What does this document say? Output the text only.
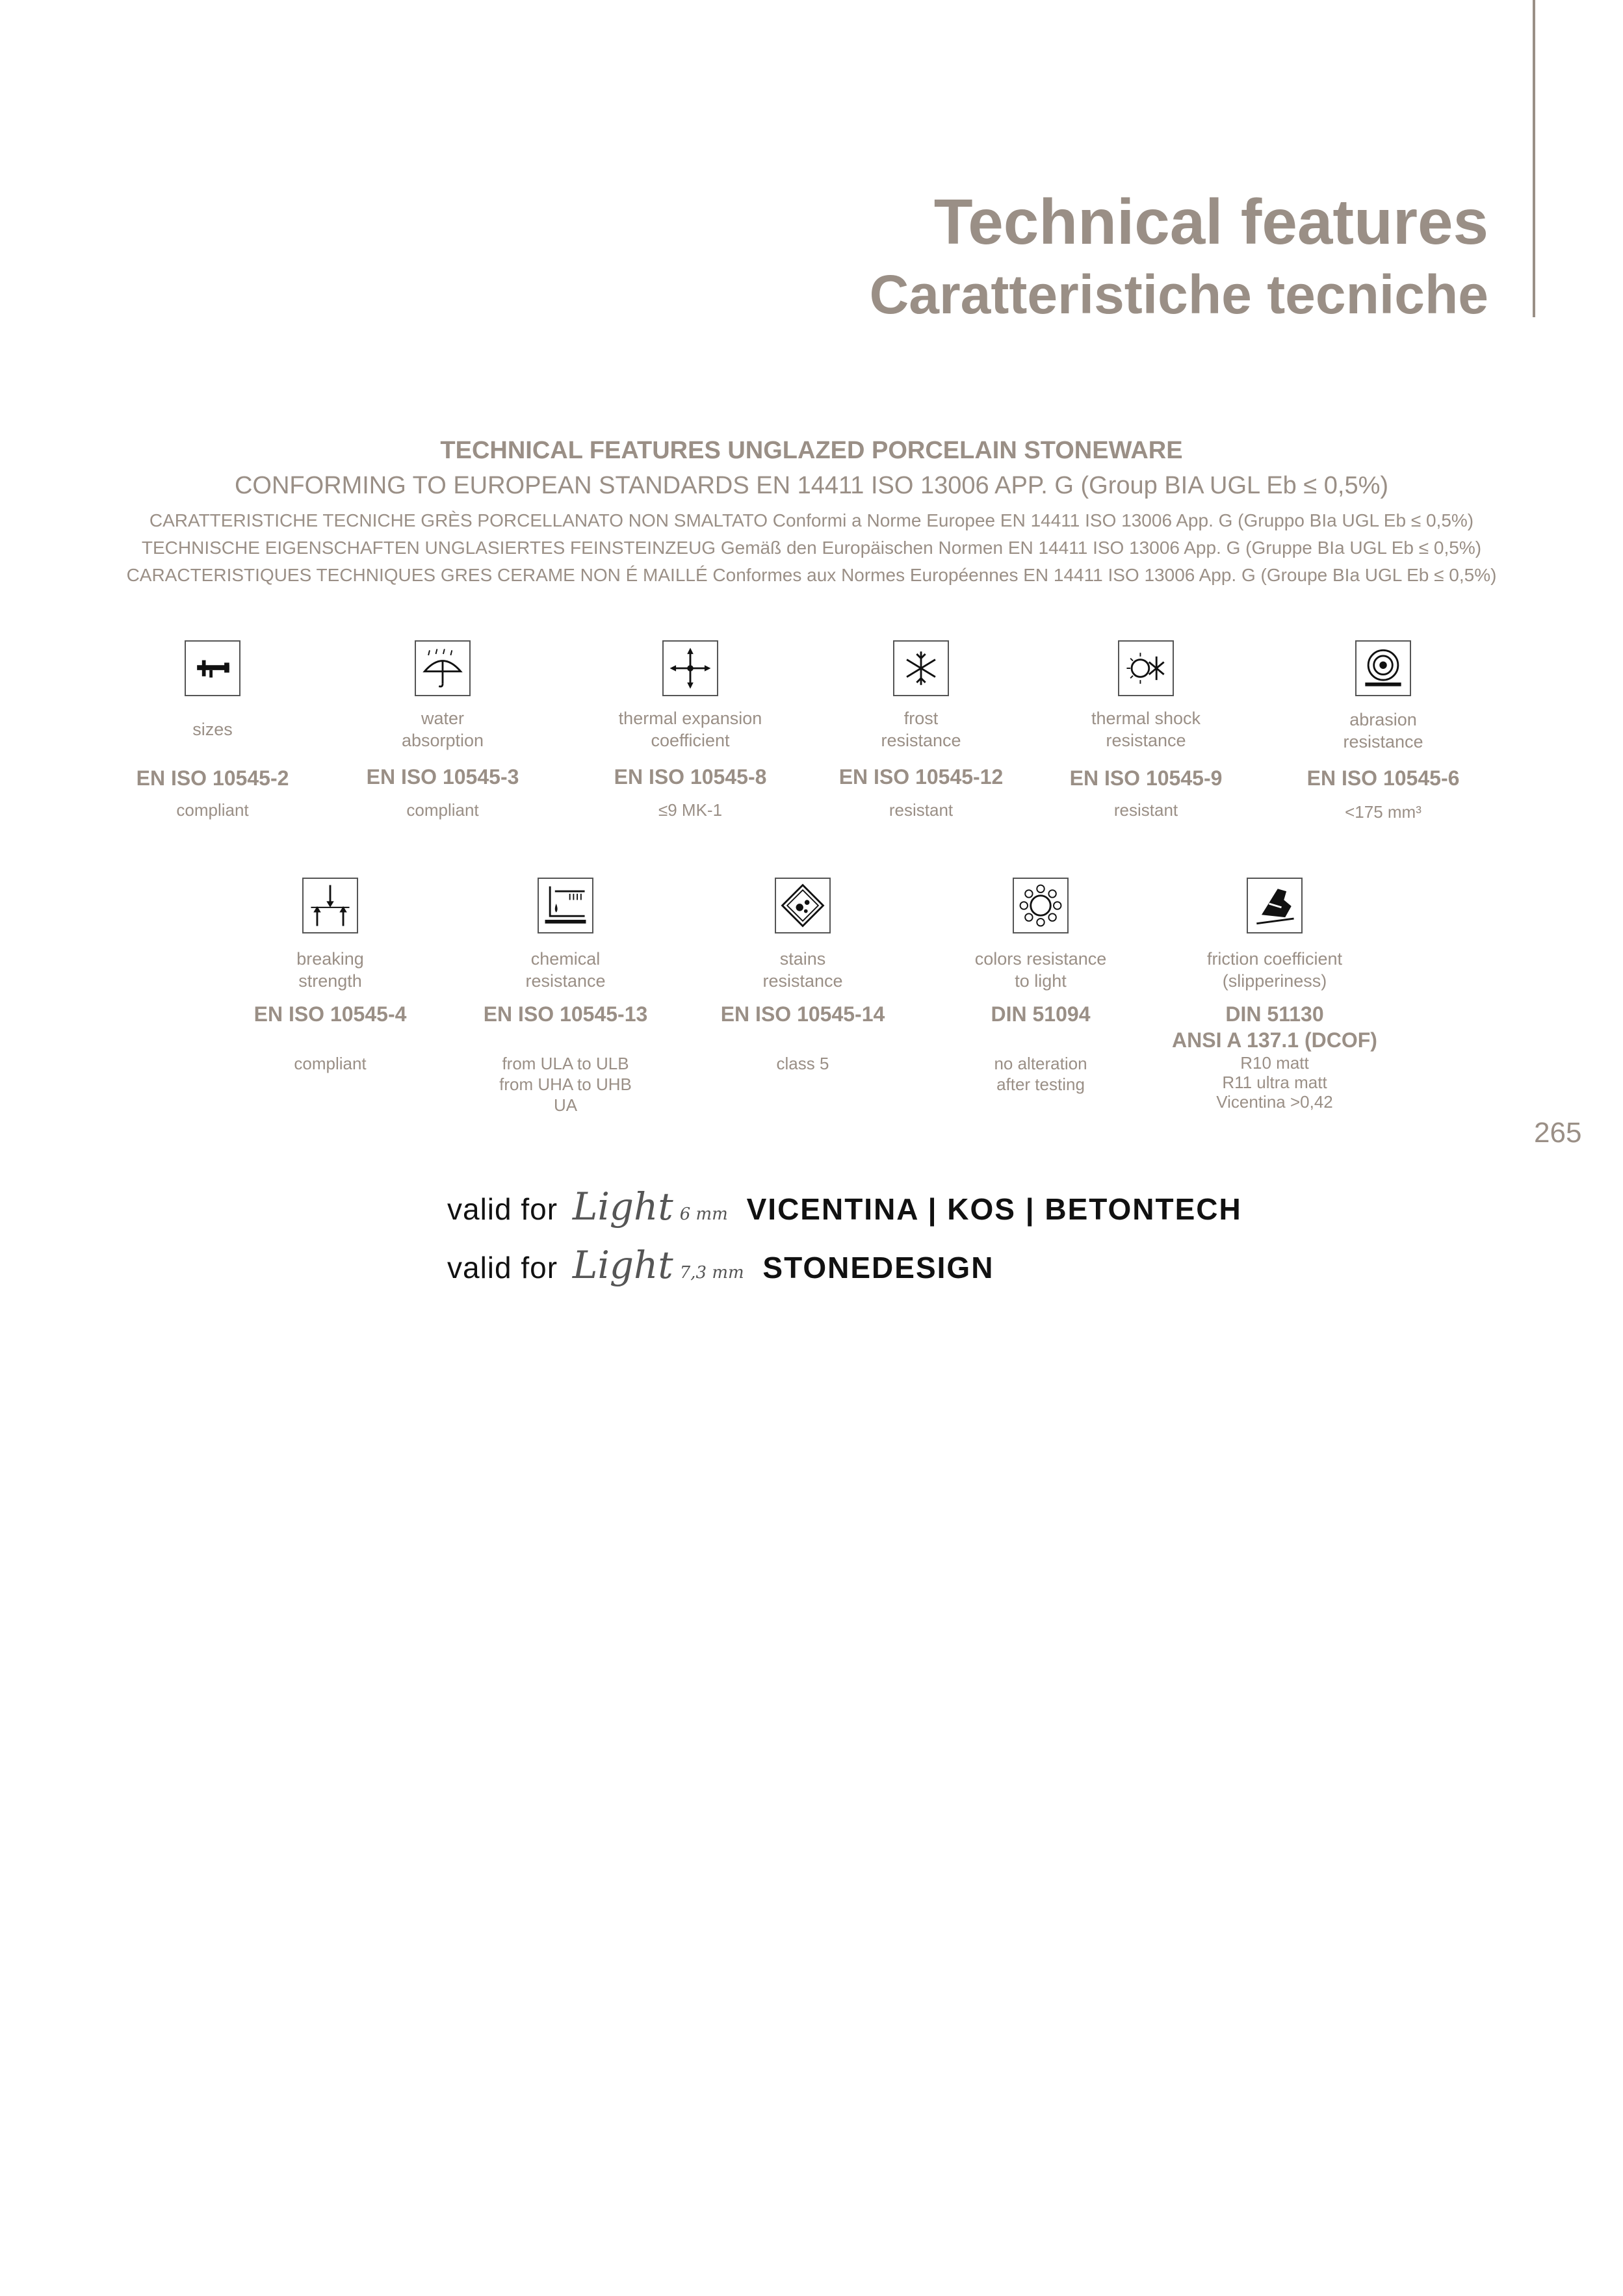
Technical features
Caratteristiche tecniche

TECHNICAL FEATURES UNGLAZED PORCELAIN STONEWARE

CONFORMING TO EUROPEAN STANDARDS EN 14411 ISO 13006 APP. G (Group BIA UGL Eb ≤ 0,5%)

CARATTERISTICHE TECNICHE GRÈS PORCELLANATO NON SMALTATO Conformi a Norme Europee EN 14411 ISO 13006 App. G (Gruppo BIa UGL Eb ≤ 0,5%)

TECHNISCHE EIGENSCHAFTEN UNGLASIERTES FEINSTEINZEUG Gemäß den Europäischen Normen EN 14411 ISO 13006 App. G (Gruppe BIa UGL Eb ≤ 0,5%)

CARACTERISTIQUES TECHNIQUES GRES CERAME NON É MAILLÉ Conformes aux Normes Européennes EN 14411 ISO 13006 App. G (Groupe BIa UGL Eb ≤ 0,5%)

sizes
EN ISO 10545-2
compliant
water
absorption
EN ISO 10545-3
compliant
thermal expansion
coefficient
EN ISO 10545-8
≤9 MK-1
frost
resistance
EN ISO 10545-12
resistant
thermal shock
resistance
EN ISO 10545-9
resistant
abrasion
resistance
EN ISO 10545-6
<175 mm³
breaking
strength
EN ISO 10545-4
compliant
chemical
resistance
EN ISO 10545-13
from ULA to ULB
from UHA to UHB
UA
stains
resistance
EN ISO 10545-14
class 5
colors resistance
to light
DIN 51094
no alteration
after testing
friction coefficient
(slipperiness)
DIN 51130
ANSI A 137.1 (DCOF)
R10 matt
R11 ultra matt
Vicentina >0,42
265
valid for Light 6 mm VICENTINA | KOS | BETONTECH
valid for Light 7,3 mm STONEDESIGN
